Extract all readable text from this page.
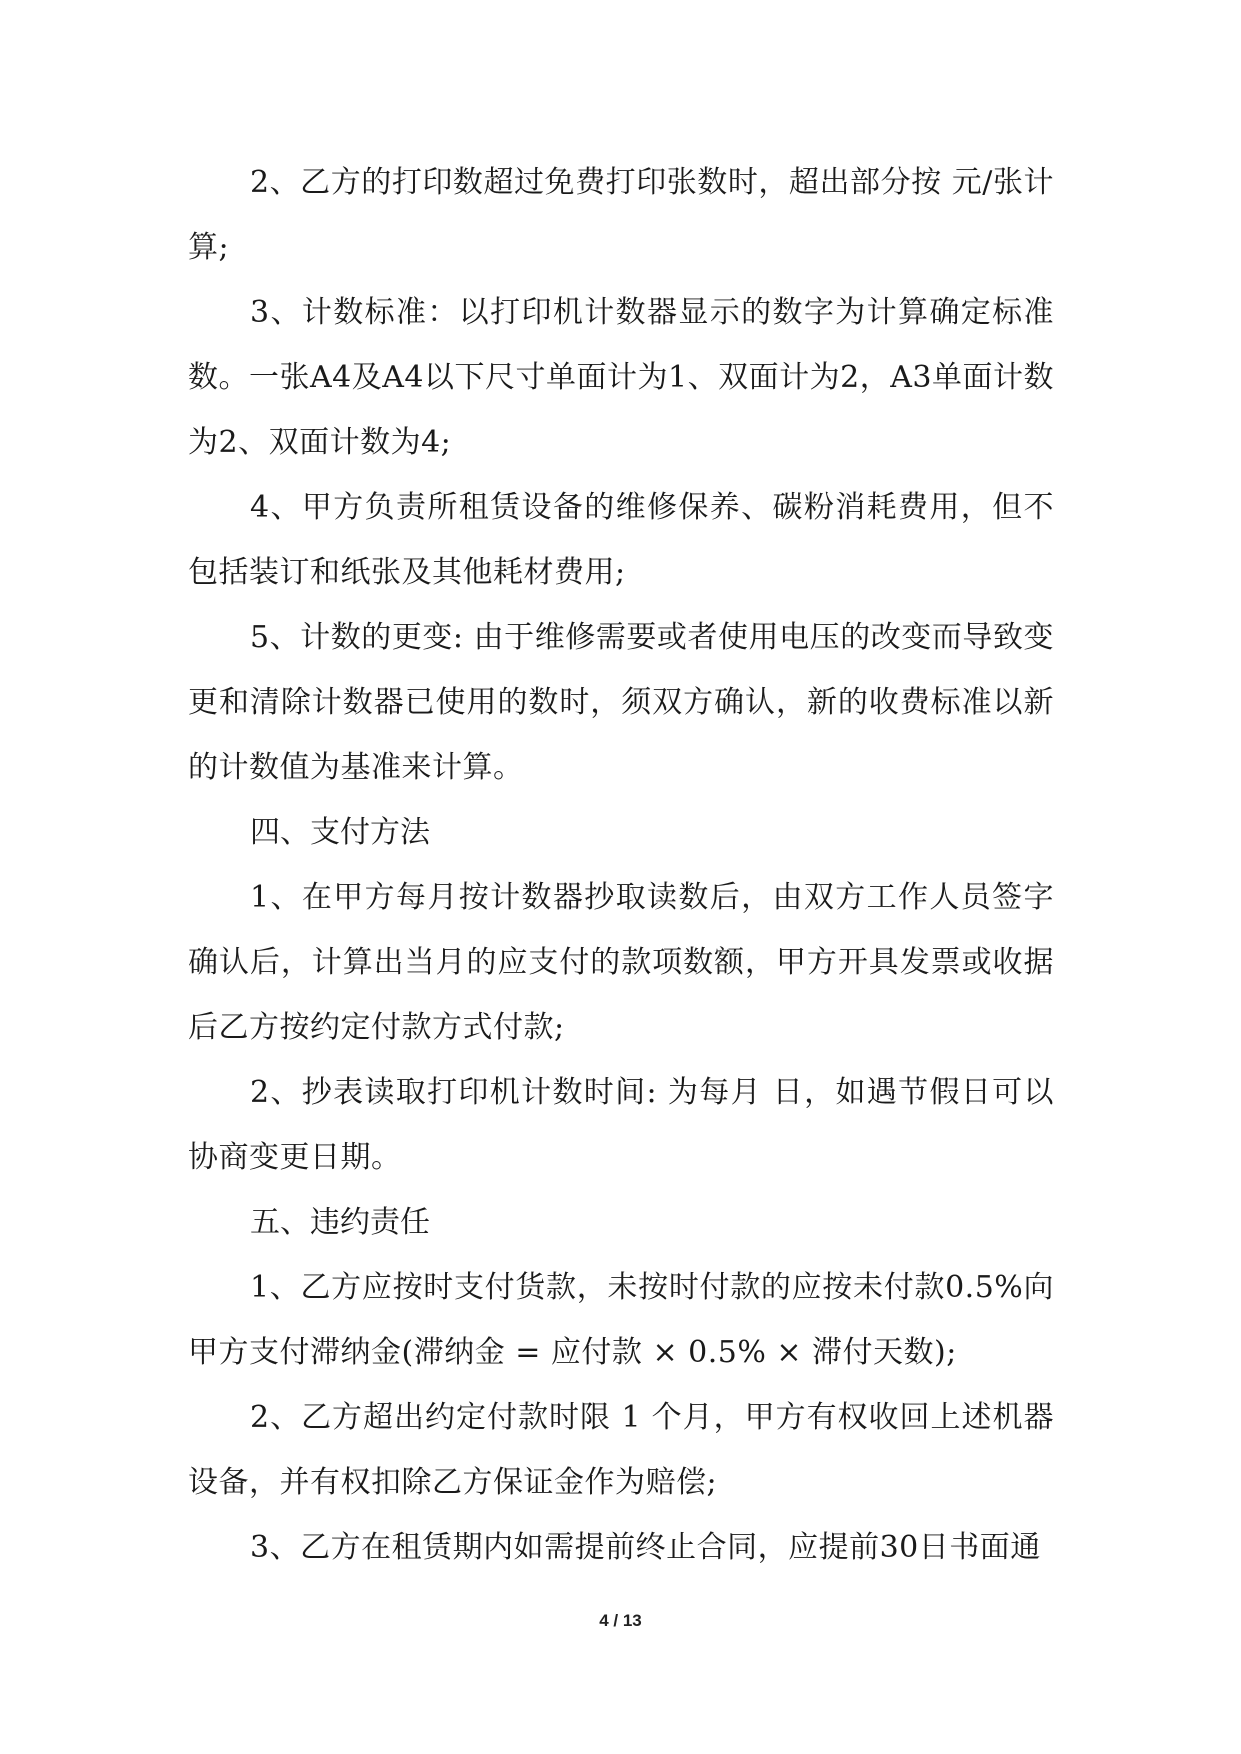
2、乙方的打印数超过免费打印张数时，超出部分按 元/张计算;

3、计数标准：以打印机计数器显示的数字为计算确定标准数。一张A4及A4以下尺寸单面计为1、双面计为2，A3单面计数为2、双面计数为4;

4、甲方负责所租赁设备的维修保养、碳粉消耗费用，但不包括装订和纸张及其他耗材费用;

5、计数的更变: 由于维修需要或者使用电压的改变而导致变更和清除计数器已使用的数时，须双方确认，新的收费标准以新的计数值为基准来计算。

四、支付方法

1、在甲方每月按计数器抄取读数后，由双方工作人员签字确认后，计算出当月的应支付的款项数额，甲方开具发票或收据后乙方按约定付款方式付款;

2、抄表读取打印机计数时间: 为每月 日，如遇节假日可以协商变更日期。

五、违约责任

1、乙方应按时支付货款，未按时付款的应按未付款0.5%向甲方支付滞纳金(滞纳金 = 应付款 × 0.5% × 滞付天数);

2、乙方超出约定付款时限 1 个月，甲方有权收回上述机器设备，并有权扣除乙方保证金作为赔偿;

3、乙方在租赁期内如需提前终止合同，应提前30日书面通

4 / 13
